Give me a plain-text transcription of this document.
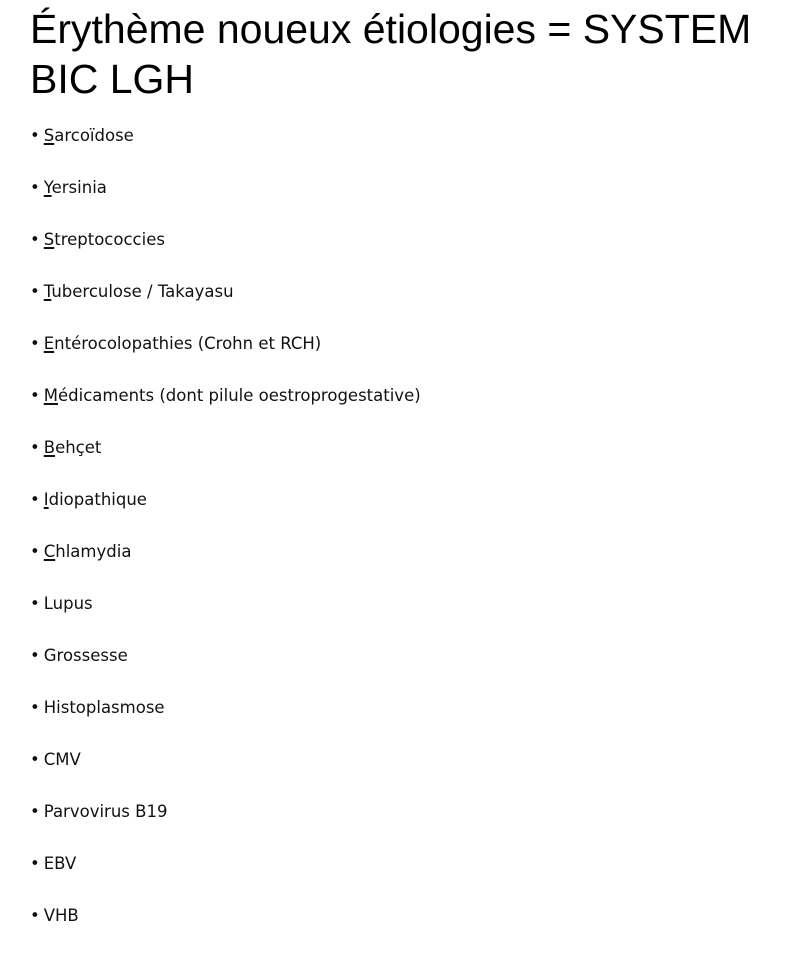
Érythème noueux étiologies = SYSTEM BIC LGH
• Sarcoïdose
• Yersinia
• Streptococcies
• Tuberculose / Takayasu
• Entérocolopathies (Crohn et RCH)
• Médicaments (dont pilule oestroprogestative)
• Behçet
• Idiopathique
• Chlamydia
• Lupus
• Grossesse
• Histoplasmose
• CMV
• Parvovirus B19
• EBV
• VHB
